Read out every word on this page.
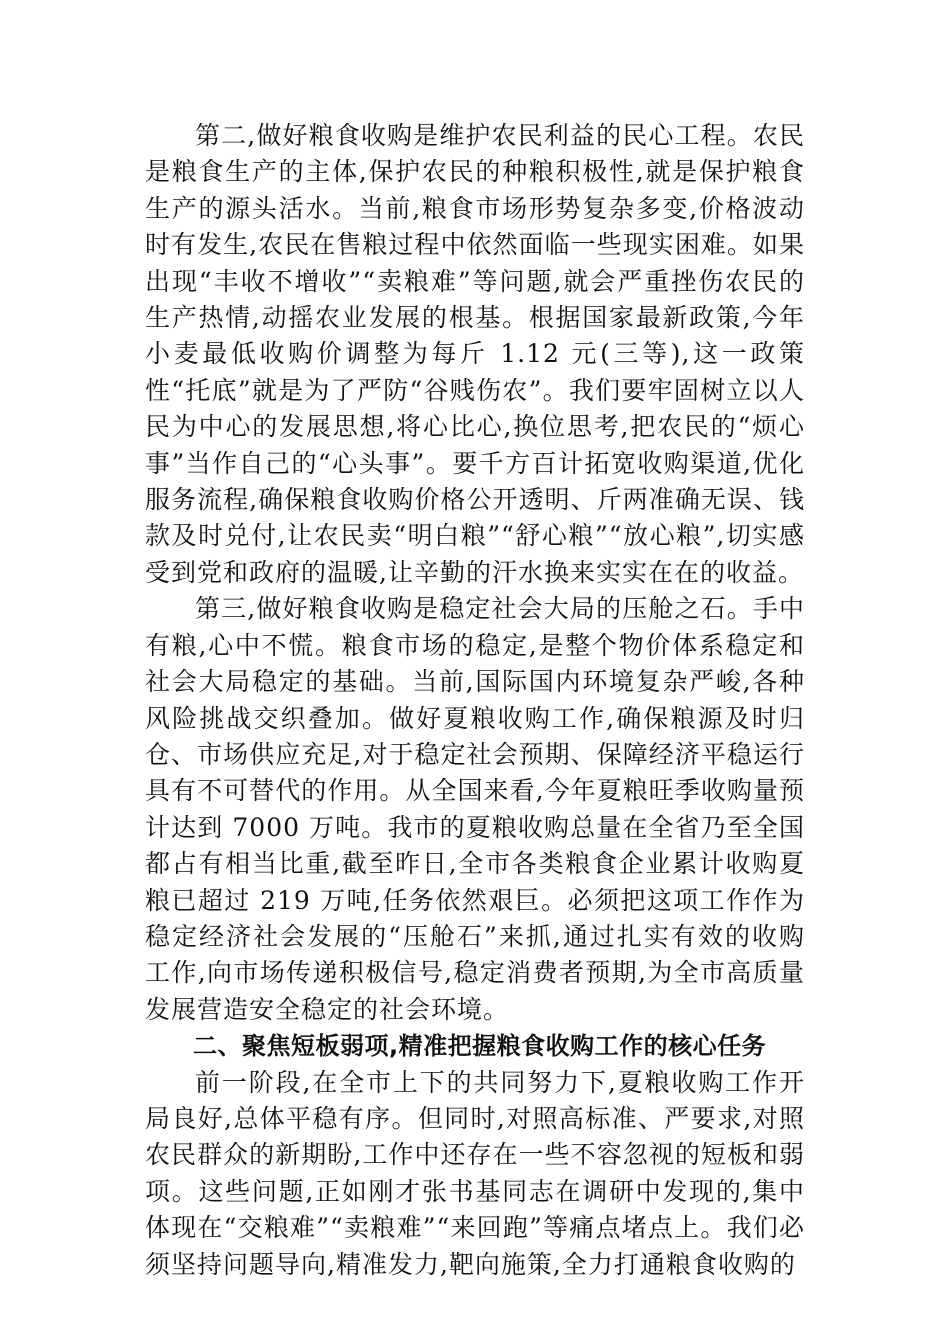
第二,做好粮食收购是维护农民利益的民心工程。农民是粮食生产的主体,保护农民的种粮积极性,就是保护粮食生产的源头活水。当前,粮食市场形势复杂多变,价格波动时有发生,农民在售粮过程中依然面临一些现实困难。如果出现“丰收不增收”“卖粮难”等问题,就会严重挫伤农民的生产热情,动摇农业发展的根基。根据国家最新政策,今年小麦最低收购价调整为每斤 1.12 元(三等),这一政策性“托底”就是为了严防“谷贱伤农”。我们要牢固树立以人民为中心的发展思想,将心比心,换位思考,把农民的“烦心事”当作自己的“心头事”。要千方百计拓宽收购渠道,优化服务流程,确保粮食收购价格公开透明、斤两准确无误、钱款及时兑付,让农民卖“明白粮”“舒心粮”“放心粮”,切实感受到党和政府的温暖,让辛勤的汗水换来实实在在的收益。

第三,做好粮食收购是稳定社会大局的压舱之石。手中有粮,心中不慌。粮食市场的稳定,是整个物价体系稳定和社会大局稳定的基础。当前,国际国内环境复杂严峻,各种风险挑战交织叠加。做好夏粮收购工作,确保粮源及时归仓、市场供应充足,对于稳定社会预期、保障经济平稳运行具有不可替代的作用。从全国来看,今年夏粮旺季收购量预计达到 7000 万吨。我市的夏粮收购总量在全省乃至全国都占有相当比重,截至昨日,全市各类粮食企业累计收购夏粮已超过 219 万吨,任务依然艰巨。必须把这项工作作为稳定经济社会发展的“压舱石”来抓,通过扎实有效的收购工作,向市场传递积极信号,稳定消费者预期,为全市高质量发展营造安全稳定的社会环境。

二、聚焦短板弱项,精准把握粮食收购工作的核心任务

前一阶段,在全市上下的共同努力下,夏粮收购工作开局良好,总体平稳有序。但同时,对照高标准、严要求,对照农民群众的新期盼,工作中还存在一些不容忽视的短板和弱项。这些问题,正如刚才张书基同志在调研中发现的,集中体现在“交粮难”“卖粮难”“来回跑”等痛点堵点上。我们必须坚持问题导向,精准发力,靶向施策,全力打通粮食收购的
